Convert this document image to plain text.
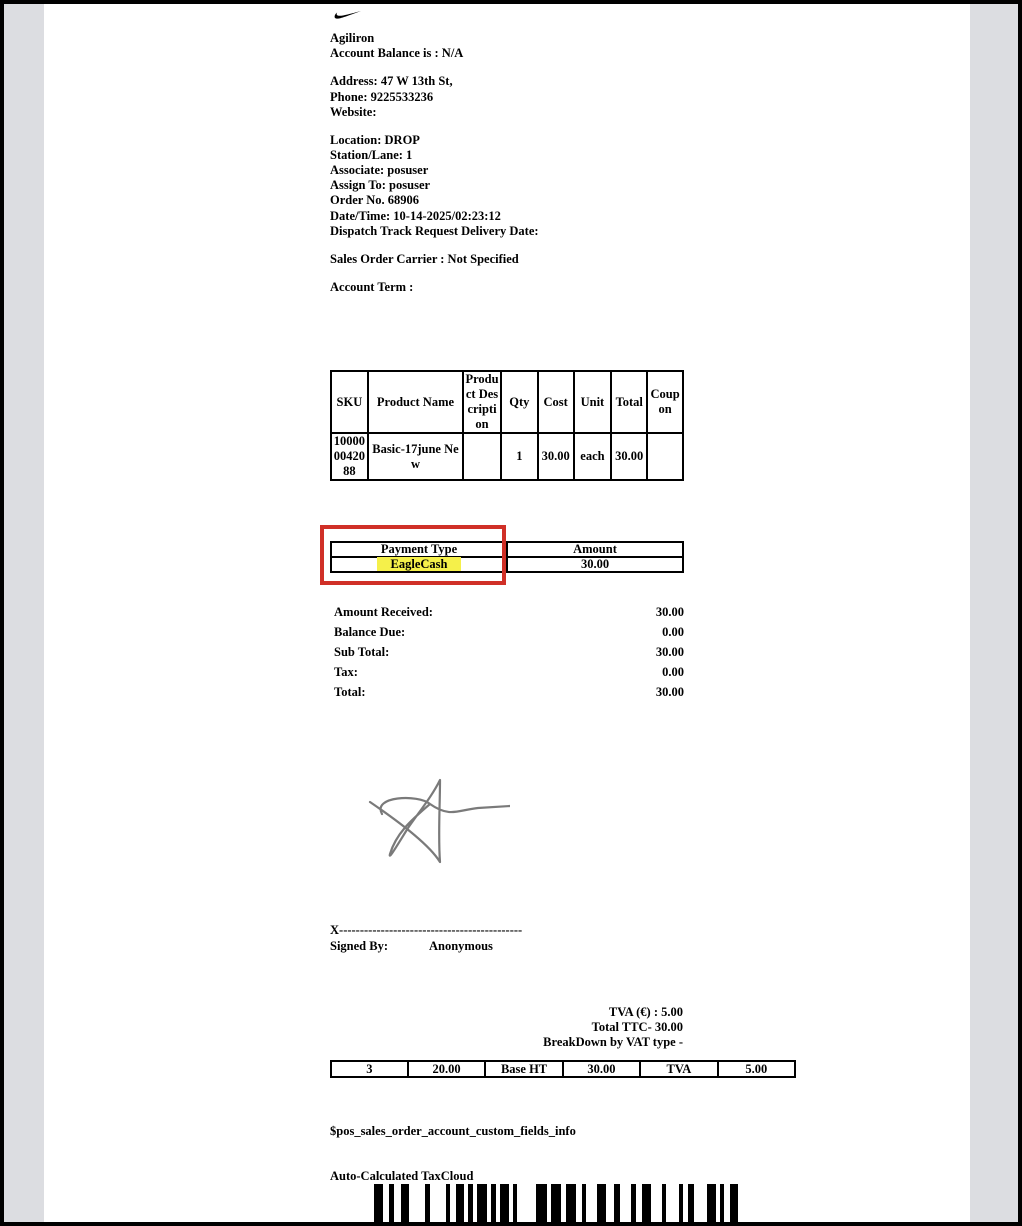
Agiliron
Account Balance is : N/A
Address: 47 W 13th St,
Phone: 9225533236
Website:
Location: DROP
Station/Lane: 1
Associate: posuser
Assign To: posuser
Order No. 68906
Date/Time: 10-14-2025/02:23:12
Dispatch Track Request Delivery Date:
Sales Order Carrier : Not Specified
Account Term :
SKU	Product Name	Product Description	Qty	Cost	Unit	Total	Coupon
100000042088	Basic-17june New		1	30.00	each	30.00	
Payment Type	Amount
EagleCash	30.00
Amount Received:	30.00
Balance Due:	0.00
Sub Total:	30.00
Tax:	0.00
Total:	30.00
X--------------------------------------------
Signed By:	Anonymous
TVA (€) : 5.00
Total TTC- 30.00
BreakDown by VAT type -
3	20.00	Base HT	30.00	TVA	5.00
$pos_sales_order_account_custom_fields_info
Auto-Calculated TaxCloud
